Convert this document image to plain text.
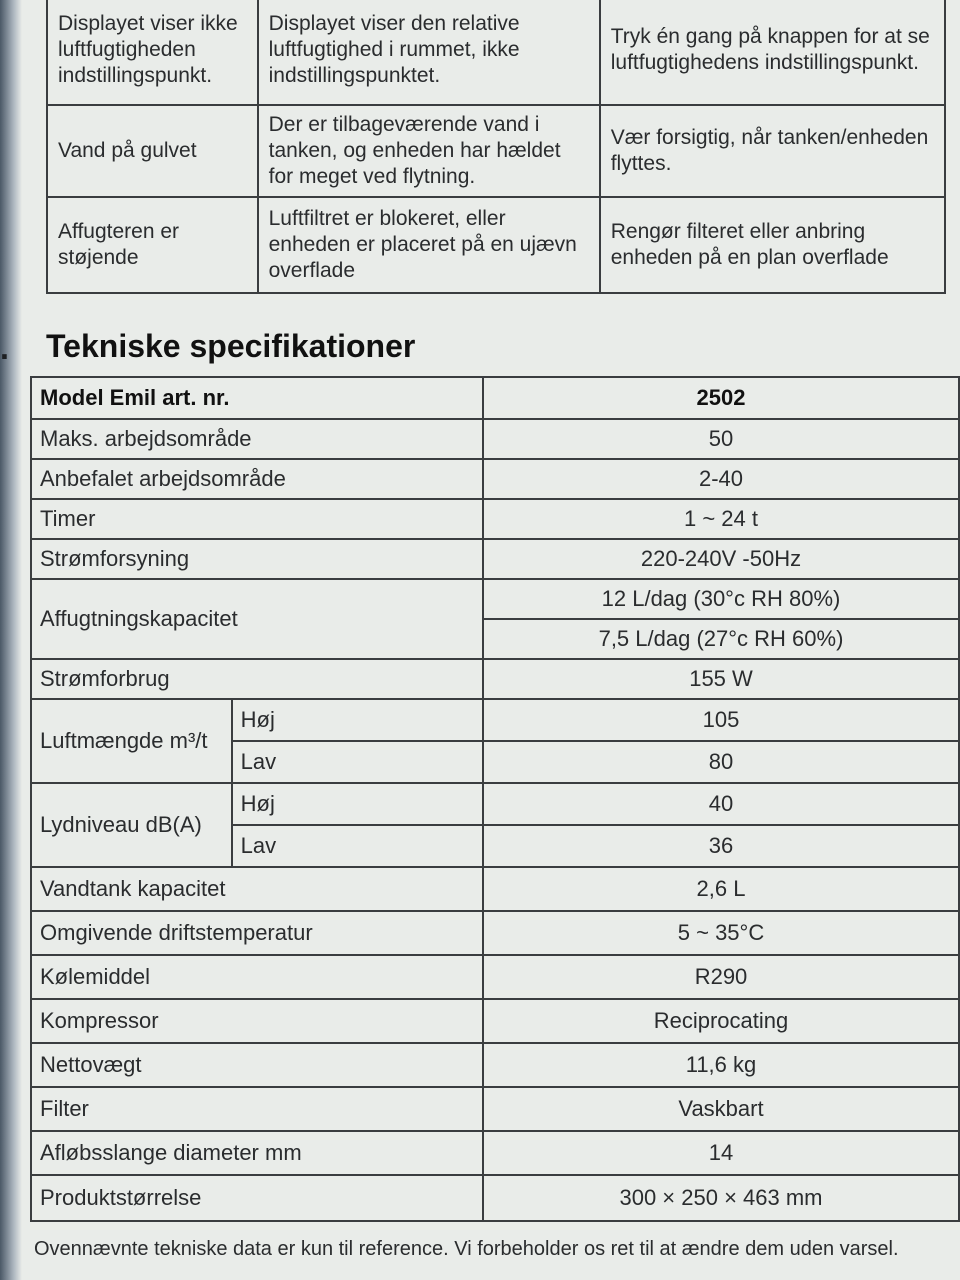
Displayet viser ikke luftfugtigheden indstillingspunkt.	Displayet viser den relative luftfugtighed i rummet, ikke indstillingspunktet.	Tryk én gang på knappen for at se luftfugtighedens indstillingspunkt.
Vand på gulvet	Der er tilbageværende vand i tanken, og enheden har hældet for meget ved flytning.	Vær forsigtig, når tanken/enheden flyttes.
Affugteren er støjende	Luftfiltret er blokeret, eller enheden er placeret på en ujævn overflade	Rengør filteret eller anbring enheden på en plan overflade
. Tekniske specifikationer
Model Emil art. nr.		2502
Maks. arbejdsområde		50
Anbefalet arbejdsområde		2-40
Timer		1 ~ 24 t
Strømforsyning		220-240V -50Hz
Affugtningskapacitet		12 L/dag (30°c RH 80%)
		7,5 L/dag (27°c RH 60%)
Strømforbrug		155 W
Luftmængde m³/t	Høj	105
	Lav	80
Lydniveau dB(A)	Høj	40
	Lav	36
Vandtank kapacitet		2,6 L
Omgivende driftstemperatur		5 ~ 35°C
Kølemiddel		R290
Kompressor		Reciprocating
Nettovægt		11,6 kg
Filter		Vaskbart
Afløbsslange diameter mm		14
Produktstørrelse		300 × 250 × 463 mm
Ovennævnte tekniske data er kun til reference. Vi forbeholder os ret til at ændre dem uden varsel.
